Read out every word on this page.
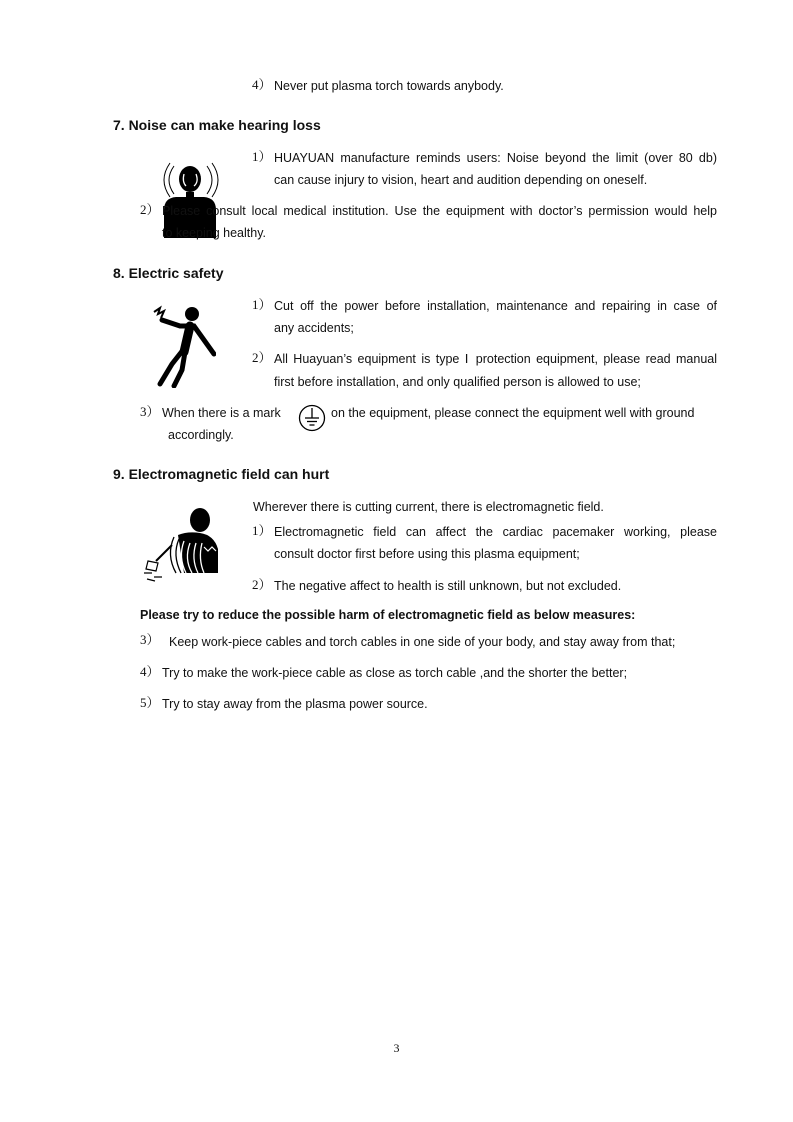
4） Never put plasma torch towards anybody.
7. Noise can make hearing loss
1） HUAYUAN manufacture reminds users: Noise beyond the limit (over 80 db)
can cause injury to vision, heart and audition depending on oneself.
2） Please consult local medical institution. Use the equipment with doctor’s permission would help
to keeping healthy.
8. Electric safety
1） Cut off the power before installation, maintenance and repairing in case of
any accidents;
2） All Huayuan’s equipment is type Ⅰ protection equipment, please read manual
first before installation, and only qualified person is allowed to use;
3） When there is a mark	on the equipment, please connect the equipment well with ground
accordingly.
9. Electromagnetic field can hurt
Wherever there is cutting current, there is electromagnetic field.
1） Electromagnetic field can affect the cardiac pacemaker working, please
consult doctor first before using this plasma equipment;
2） The negative affect to health is still unknown, but not excluded.
Please try to reduce the possible harm of electromagnetic field as below measures:
3） Keep work-piece cables and torch cables in one side of your body, and stay away from that;
4） Try to make the work-piece cable as close as torch cable ,and the shorter the better;
5） Try to stay away from the plasma power source.
3
